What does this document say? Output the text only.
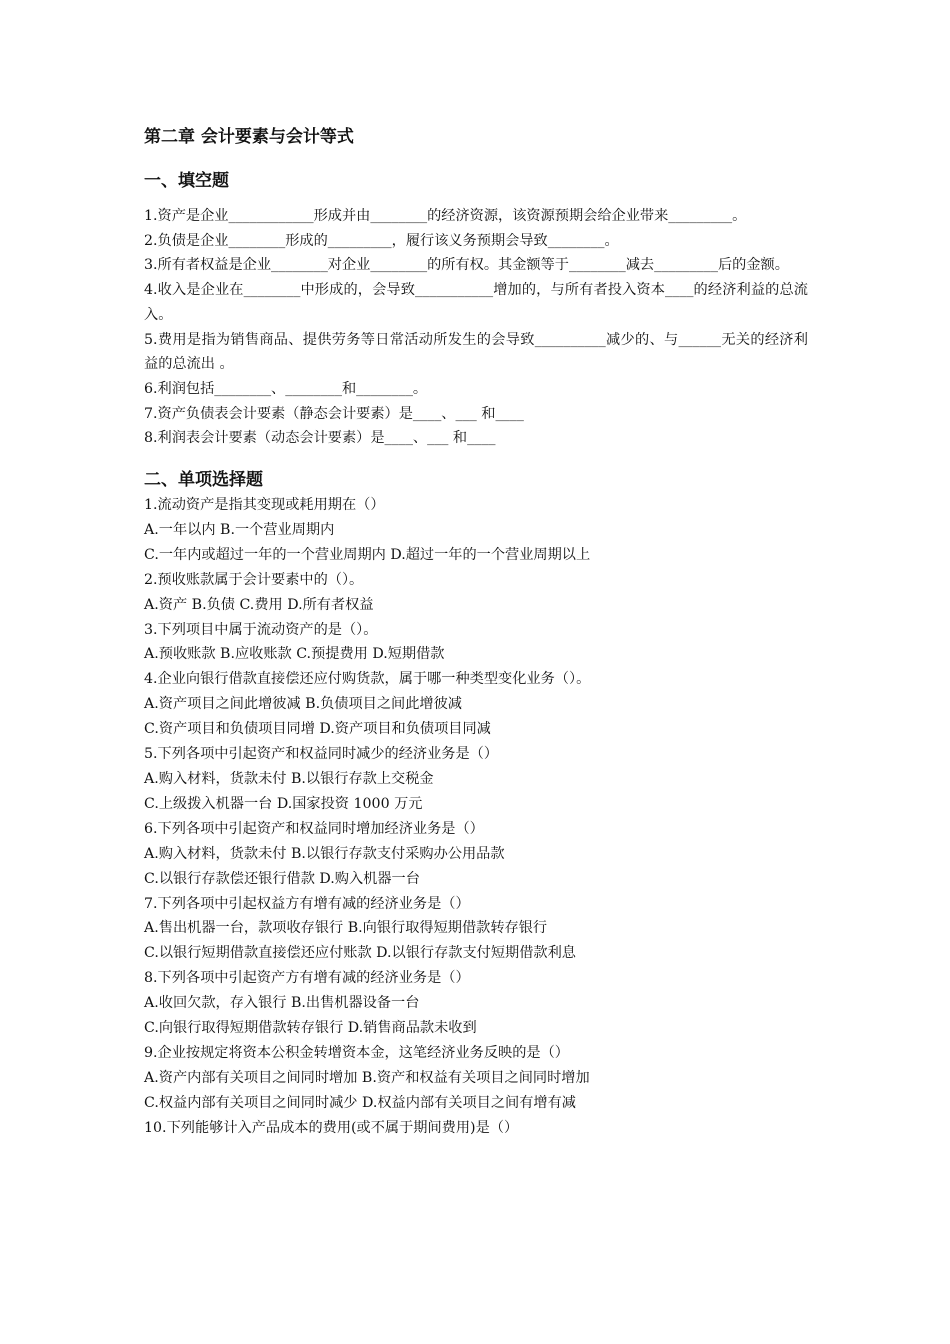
第二章 会计要素与会计等式
一、填空题

1.资产是企业____________形成并由________的经济资源，该资源预期会给企业带来_________。

2.负债是企业________形成的_________，履行该义务预期会导致________。

3.所有者权益是企业________对企业________的所有权。其金额等于________减去_________后的金额。

4.收入是企业在________中形成的，会导致___________增加的，与所有者投入资本____的经济利益的总流入。

5.费用是指为销售商品、提供劳务等日常活动所发生的会导致__________减少的、与______无关的经济利益的总流出 。

6.利润包括________、________和________。

7.资产负债表会计要素（静态会计要素）是____、___ 和____

8.利润表会计要素（动态会计要素）是____、___ 和____

二、单项选择题

1.流动资产是指其变现或耗用期在（）

A.一年以内 B.一个营业周期内

C.一年内或超过一年的一个营业周期内 D.超过一年的一个营业周期以上

2.预收账款属于会计要素中的（）。

A.资产 B.负债 C.费用 D.所有者权益

3.下列项目中属于流动资产的是（）。

A.预收账款 B.应收账款 C.预提费用 D.短期借款

4.企业向银行借款直接偿还应付购货款，属于哪一种类型变化业务（）。

A.资产项目之间此增彼减 B.负债项目之间此增彼减

C.资产项目和负债项目同增 D.资产项目和负债项目同减

5.下列各项中引起资产和权益同时减少的经济业务是（）

A.购入材料，货款未付 B.以银行存款上交税金

C.上级拨入机器一台 D.国家投资 1000 万元

6.下列各项中引起资产和权益同时增加经济业务是（）

A.购入材料，货款未付 B.以银行存款支付采购办公用品款

C.以银行存款偿还银行借款 D.购入机器一台

7.下列各项中引起权益方有增有减的经济业务是（）

A.售出机器一台，款项收存银行 B.向银行取得短期借款转存银行

C.以银行短期借款直接偿还应付账款 D.以银行存款支付短期借款利息

8.下列各项中引起资产方有增有减的经济业务是（）

A.收回欠款，存入银行 B.出售机器设备一台

C.向银行取得短期借款转存银行 D.销售商品款未收到

9.企业按规定将资本公积金转增资本金，这笔经济业务反映的是（）

A.资产内部有关项目之间同时增加 B.资产和权益有关项目之间同时增加

C.权益内部有关项目之间同时减少 D.权益内部有关项目之间有增有减

10.下列能够计入产品成本的费用(或不属于期间费用)是（）
